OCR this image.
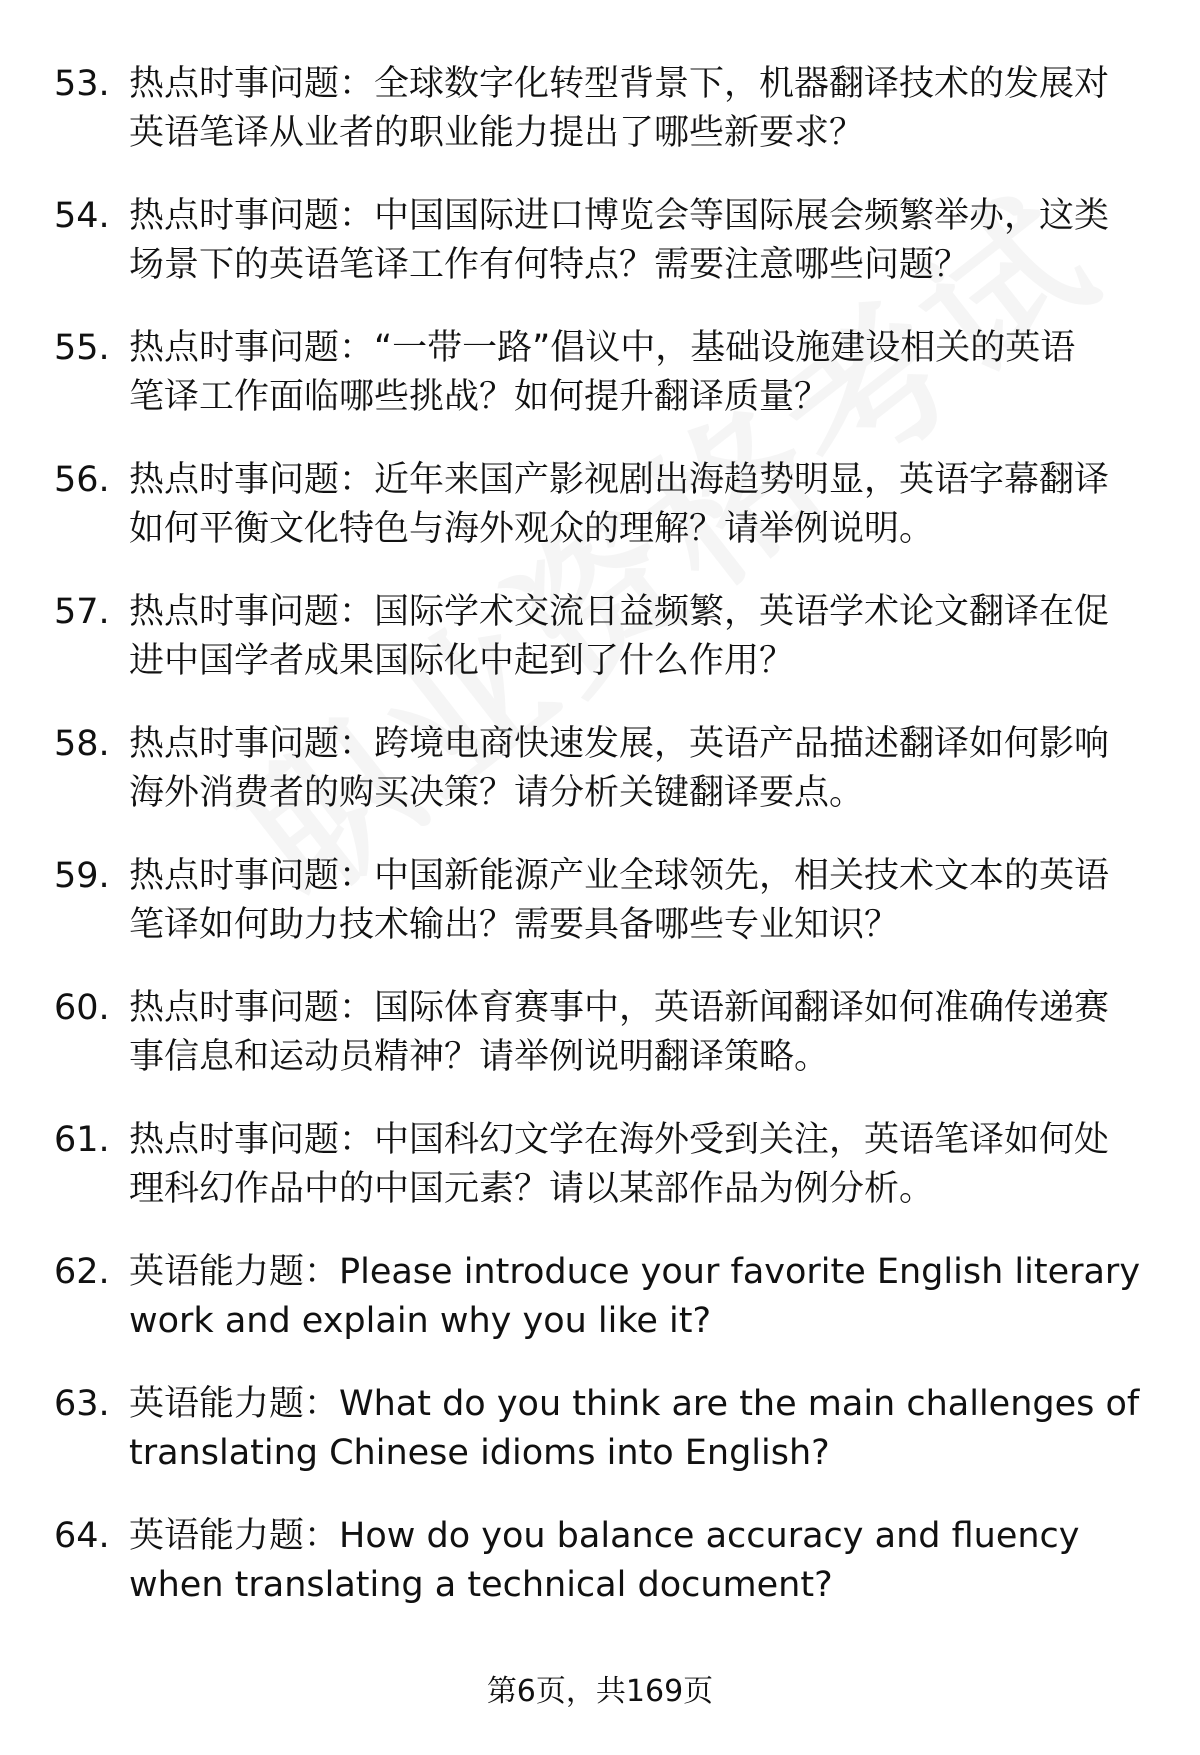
53. 热点时事问题：全球数字化转型背景下，机器翻译技术的发展对
英语笔译从业者的职业能力提出了哪些新要求？
54. 热点时事问题：中国国际进口博览会等国际展会频繁举办，这类
场景下的英语笔译工作有何特点？需要注意哪些问题？
55. 热点时事问题：“一带一路”倡议中，基础设施建设相关的英语
笔译工作面临哪些挑战？如何提升翻译质量？
56. 热点时事问题：近年来国产影视剧出海趋势明显，英语字幕翻译
如何平衡文化特色与海外观众的理解？请举例说明。
57. 热点时事问题：国际学术交流日益频繁，英语学术论文翻译在促
进中国学者成果国际化中起到了什么作用？
58. 热点时事问题：跨境电商快速发展，英语产品描述翻译如何影响
海外消费者的购买决策？请分析关键翻译要点。
59. 热点时事问题：中国新能源产业全球领先，相关技术文本的英语
笔译如何助力技术输出？需要具备哪些专业知识？
60. 热点时事问题：国际体育赛事中，英语新闻翻译如何准确传递赛
事信息和运动员精神？请举例说明翻译策略。
61. 热点时事问题：中国科幻文学在海外受到关注，英语笔译如何处
理科幻作品中的中国元素？请以某部作品为例分析。
62. 英语能力题：Please introduce your favorite English literary
work and explain why you like it?
63. 英语能力题：What do you think are the main challenges of
translating Chinese idioms into English?
64. 英语能力题：How do you balance accuracy and fluency
when translating a technical document?
第6页，共169页
